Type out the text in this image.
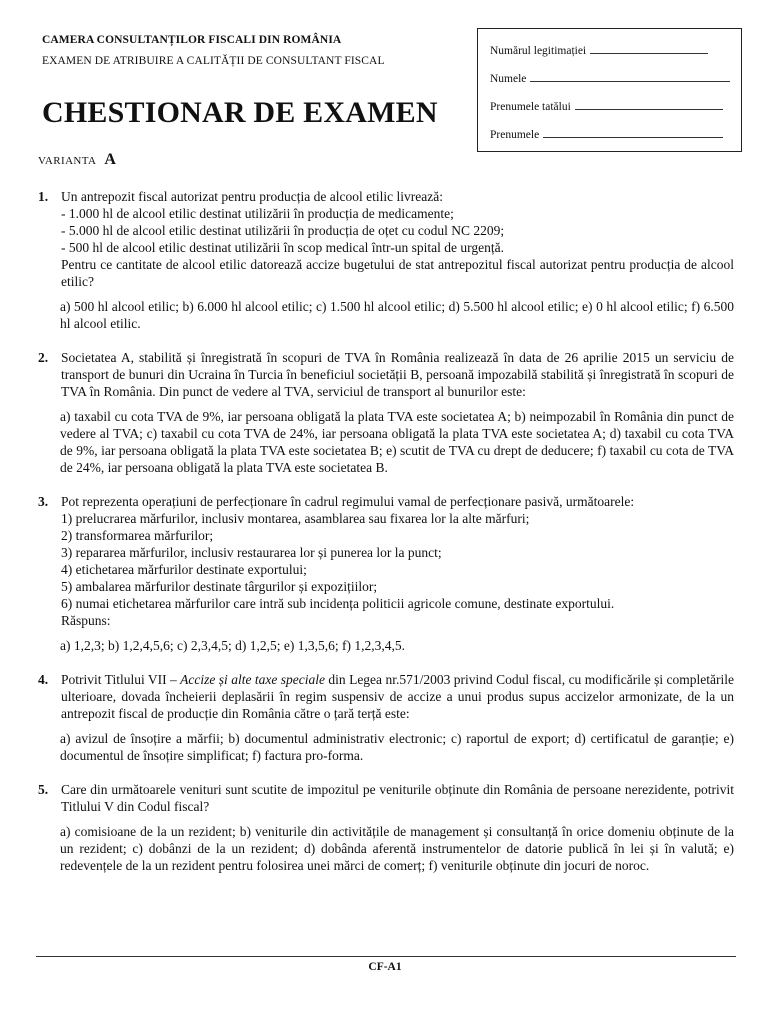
CAMERA CONSULTANȚILOR FISCALI DIN ROMÂNIA
EXAMEN DE ATRIBUIRE A CALITĂȚII DE CONSULTANT FISCAL
CHESTIONAR DE EXAMEN
Numărul legitimației
Numele
Prenumele tatălui
Prenumele
VARIANTA A
1. Un antrepozit fiscal autorizat pentru producția de alcool etilic livrează:
- 1.000 hl de alcool etilic destinat utilizării în producția de medicamente;
- 5.000 hl de alcool etilic destinat utilizării în producția de oțet cu codul NC 2209;
- 500 hl de alcool etilic destinat utilizării în scop medical într-un spital de urgență.
Pentru ce cantitate de alcool etilic datorează accize bugetului de stat antrepozitul fiscal autorizat pentru producția de alcool etilic?
a) 500 hl alcool etilic; b) 6.000 hl alcool etilic; c) 1.500 hl alcool etilic; d) 5.500 hl alcool etilic; e) 0 hl alcool etilic; f) 6.500 hl alcool etilic.
2. Societatea A, stabilită și înregistrată în scopuri de TVA în România realizează în data de 26 aprilie 2015 un serviciu de transport de bunuri din Ucraina în Turcia în beneficiul societății B, persoană impozabilă stabilită și înregistrată în scopuri de TVA în România. Din punct de vedere al TVA, serviciul de transport al bunurilor este:
a) taxabil cu cota TVA de 9%, iar persoana obligată la plata TVA este societatea A; b) neimpozabil în România din punct de vedere al TVA; c) taxabil cu cota TVA de 24%, iar persoana obligată la plata TVA este societatea A; d) taxabil cu cota TVA de 9%, iar persoana obligată la plata TVA este societatea B; e) scutit de TVA cu drept de deducere; f) taxabil cu cota de TVA de 24%, iar persoana obligată la plata TVA este societatea B.
3. Pot reprezenta operațiuni de perfecționare în cadrul regimului vamal de perfecționare pasivă, următoarele:
1) prelucrarea mărfurilor, inclusiv montarea, asamblarea sau fixarea lor la alte mărfuri;
2) transformarea mărfurilor;
3) repararea mărfurilor, inclusiv restaurarea lor și punerea lor la punct;
4) etichetarea mărfurilor destinate exportului;
5) ambalarea mărfurilor destinate târgurilor și expozițiilor;
6) numai etichetarea mărfurilor care intră sub incidența politicii agricole comune, destinate exportului.
Răspuns:
a) 1,2,3; b) 1,2,4,5,6; c) 2,3,4,5; d) 1,2,5; e) 1,3,5,6; f) 1,2,3,4,5.
4. Potrivit Titlului VII – Accize și alte taxe speciale din Legea nr.571/2003 privind Codul fiscal, cu modificările și completările ulterioare, dovada încheierii deplasării în regim suspensiv de accize a unui produs supus accizelor armonizate, de la un antrepozit fiscal de producție din România către o țară terță este:
a) avizul de însoțire a mărfii; b) documentul administrativ electronic; c) raportul de export; d) certificatul de garanție; e) documentul de însoțire simplificat; f) factura pro-forma.
5. Care din următoarele venituri sunt scutite de impozitul pe veniturile obținute din România de persoane nerezidente, potrivit Titlului V din Codul fiscal?
a) comisioane de la un rezident; b) veniturile din activitățile de management și consultanță în orice domeniu obținute de la un rezident; c) dobânzi de la un rezident; d) dobânda aferentă instrumentelor de datorie publică în lei și în valută; e) redevențele de la un rezident pentru folosirea unei mărci de comerț; f) veniturile obținute din jocuri de noroc.
CF-A1
